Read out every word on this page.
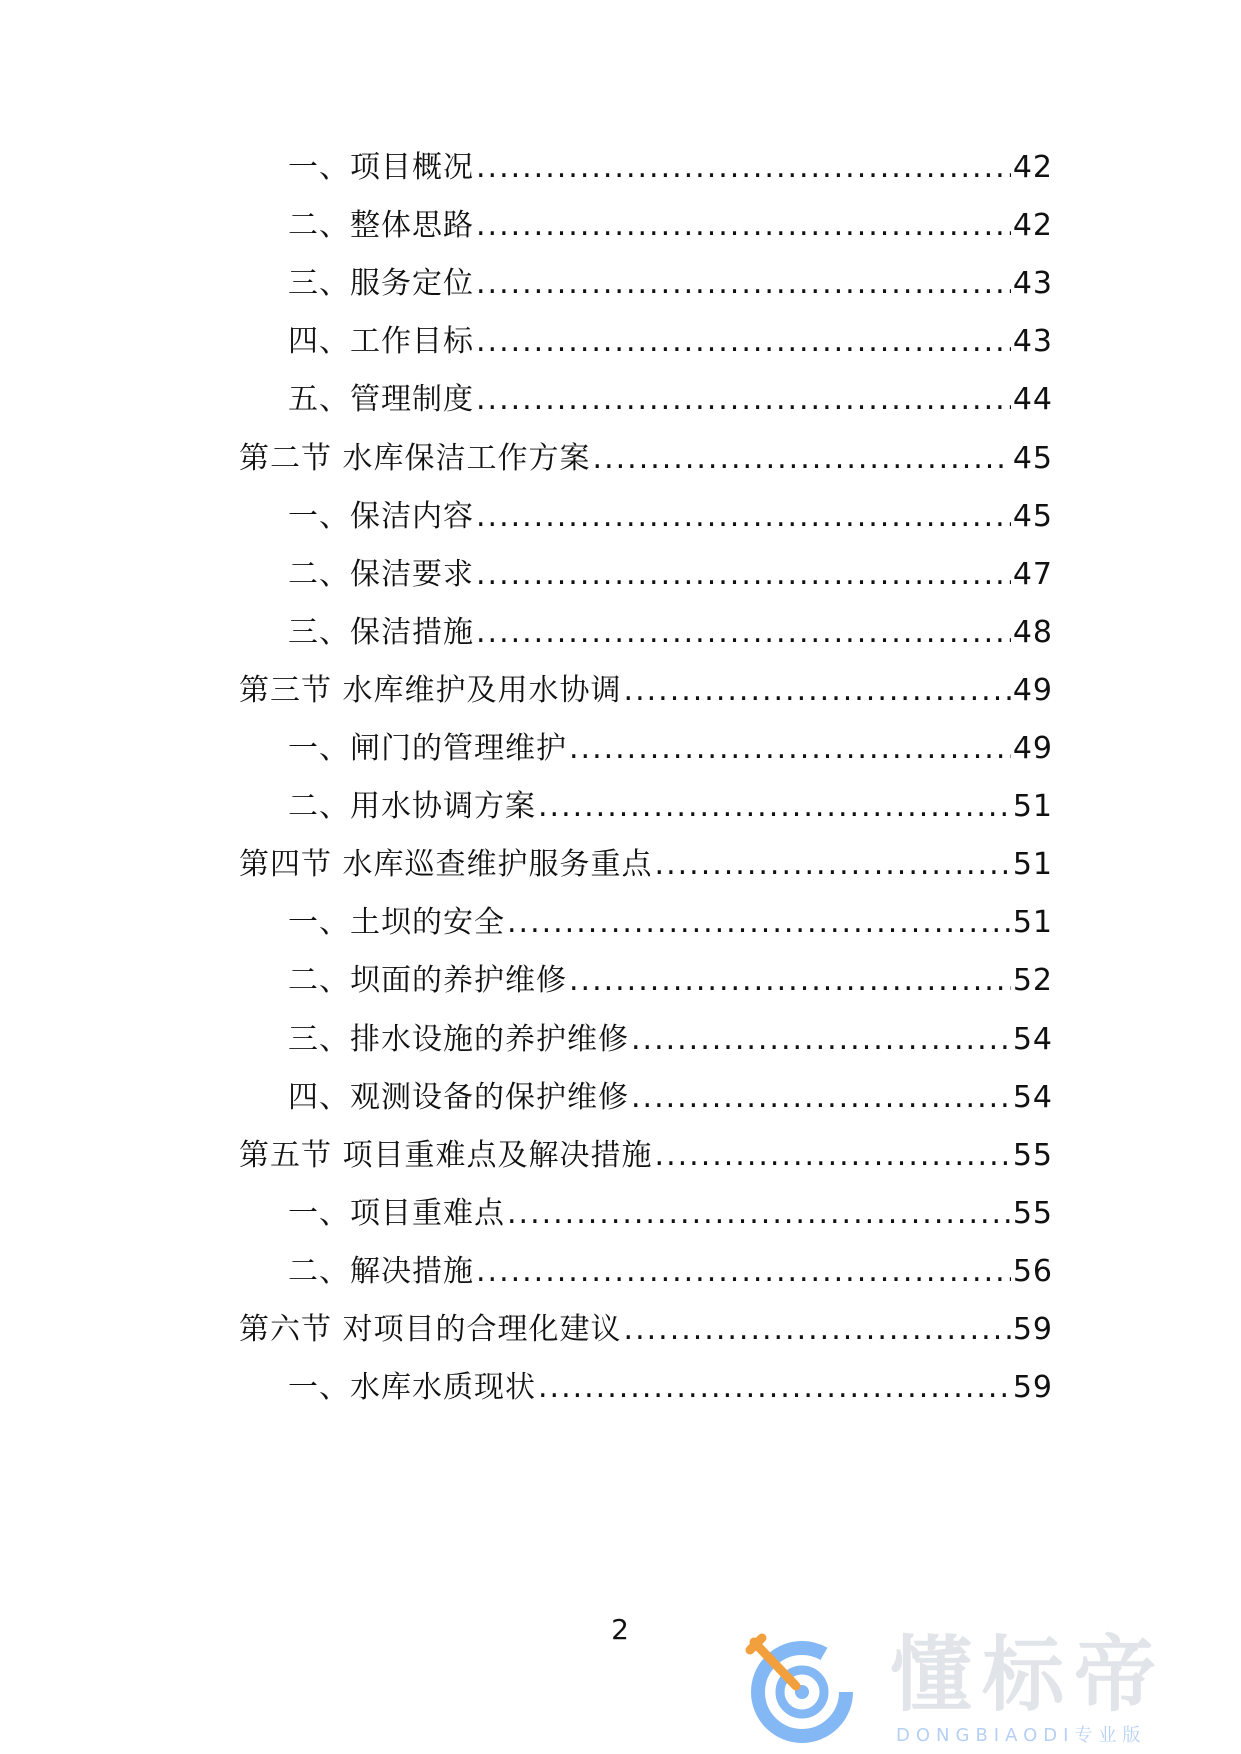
一、项目概况 .....	42
二、整体思路 .....	42
三、服务定位 .....	43
四、工作目标 .....	43
五、管理制度 .....	44
第二节 水库保洁工作方案 .....	45
一、保洁内容 .....	45
二、保洁要求 .....	47
三、保洁措施 .....	48
第三节 水库维护及用水协调 .....	49
一、闸门的管理维护 .....	49
二、用水协调方案 .....	51
第四节 水库巡查维护服务重点 .....	51
一、土坝的安全 .....	51
二、坝面的养护维修 .....	52
三、排水设施的养护维修 .....	54
四、观测设备的保护维修 .....	54
第五节 项目重难点及解决措施 .....	55
一、项目重难点 .....	55
二、解决措施 .....	56
第六节 对项目的合理化建议 .....	59
一、水库水质现状 .....	59
2	懂标帝
DONGBIAODI专业版
